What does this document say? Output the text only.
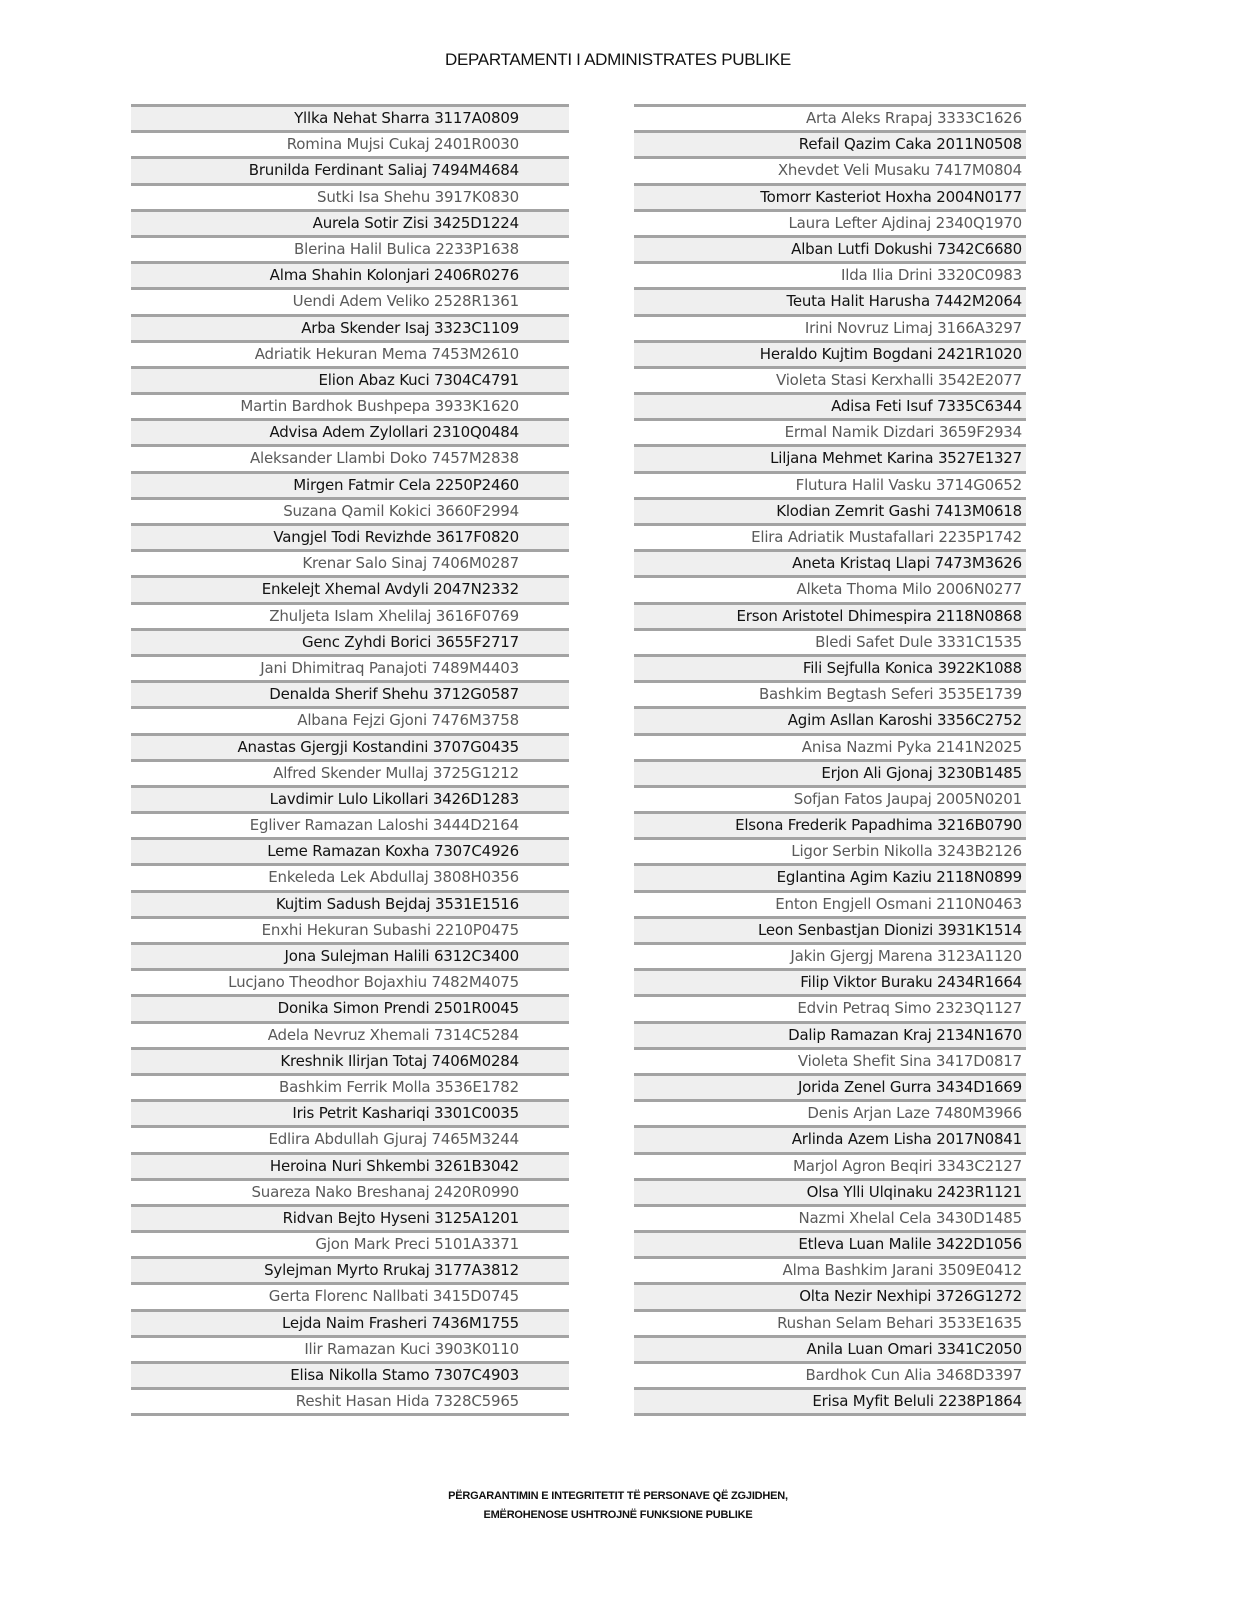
DEPARTAMENTI I ADMINISTRATES PUBLIKE
Yllka Nehat Sharra 3117A0809
Romina Mujsi Cukaj 2401R0030
Brunilda Ferdinant Saliaj 7494M4684
Sutki Isa Shehu 3917K0830
Aurela Sotir Zisi 3425D1224
Blerina Halil Bulica 2233P1638
Alma Shahin Kolonjari 2406R0276
Uendi Adem Veliko 2528R1361
Arba Skender Isaj 3323C1109
Adriatik Hekuran Mema 7453M2610
Elion Abaz Kuci 7304C4791
Martin Bardhok Bushpepa 3933K1620
Advisa Adem Zylollari 2310Q0484
Aleksander Llambi Doko 7457M2838
Mirgen Fatmir Cela 2250P2460
Suzana Qamil Kokici 3660F2994
Vangjel Todi Revizhde 3617F0820
Krenar Salo Sinaj 7406M0287
Enkelejt Xhemal Avdyli 2047N2332
Zhuljeta Islam Xhelilaj 3616F0769
Genc Zyhdi Borici 3655F2717
Jani Dhimitraq Panajoti 7489M4403
Denalda Sherif Shehu 3712G0587
Albana Fejzi Gjoni 7476M3758
Anastas Gjergji Kostandini 3707G0435
Alfred Skender Mullaj 3725G1212
Lavdimir Lulo Likollari 3426D1283
Egliver Ramazan Laloshi 3444D2164
Leme Ramazan Koxha 7307C4926
Enkeleda Lek Abdullaj 3808H0356
Kujtim Sadush Bejdaj 3531E1516
Enxhi Hekuran Subashi 2210P0475
Jona Sulejman Halili 6312C3400
Lucjano Theodhor Bojaxhiu 7482M4075
Donika Simon Prendi 2501R0045
Adela Nevruz Xhemali 7314C5284
Kreshnik Ilirjan Totaj 7406M0284
Bashkim Ferrik Molla 3536E1782
Iris Petrit Kashariqi 3301C0035
Edlira Abdullah Gjuraj 7465M3244
Heroina Nuri Shkembi 3261B3042
Suareza Nako Breshanaj 2420R0990
Ridvan Bejto Hyseni 3125A1201
Gjon Mark Preci 5101A3371
Sylejman Myrto Rrukaj 3177A3812
Gerta Florenc Nallbati 3415D0745
Lejda Naim Frasheri 7436M1755
Ilir Ramazan Kuci 3903K0110
Elisa Nikolla Stamo 7307C4903
Reshit Hasan Hida 7328C5965
Arta Aleks Rrapaj 3333C1626
Refail Qazim Caka 2011N0508
Xhevdet Veli Musaku 7417M0804
Tomorr Kasteriot Hoxha 2004N0177
Laura Lefter Ajdinaj 2340Q1970
Alban Lutfi Dokushi 7342C6680
Ilda Ilia Drini 3320C0983
Teuta Halit Harusha 7442M2064
Irini Novruz Limaj 3166A3297
Heraldo Kujtim Bogdani 2421R1020
Violeta Stasi Kerxhalli 3542E2077
Adisa Feti Isuf 7335C6344
Ermal Namik Dizdari 3659F2934
Liljana Mehmet Karina 3527E1327
Flutura Halil Vasku 3714G0652
Klodian Zemrit Gashi 7413M0618
Elira Adriatik Mustafallari 2235P1742
Aneta Kristaq Llapi 7473M3626
Alketa Thoma Milo 2006N0277
Erson Aristotel Dhimespira 2118N0868
Bledi Safet Dule 3331C1535
Fili Sejfulla Konica 3922K1088
Bashkim Begtash Seferi 3535E1739
Agim Asllan Karoshi 3356C2752
Anisa Nazmi Pyka 2141N2025
Erjon Ali Gjonaj 3230B1485
Sofjan Fatos Jaupaj 2005N0201
Elsona Frederik Papadhima 3216B0790
Ligor Serbin Nikolla 3243B2126
Eglantina Agim Kaziu 2118N0899
Enton Engjell Osmani 2110N0463
Leon Senbastjan Dionizi 3931K1514
Jakin Gjergj Marena 3123A1120
Filip Viktor Buraku 2434R1664
Edvin Petraq Simo 2323Q1127
Dalip Ramazan Kraj 2134N1670
Violeta Shefit Sina 3417D0817
Jorida Zenel Gurra 3434D1669
Denis Arjan Laze 7480M3966
Arlinda Azem Lisha 2017N0841
Marjol Agron Beqiri 3343C2127
Olsa Ylli Ulqinaku 2423R1121
Nazmi Xhelal Cela 3430D1485
Etleva Luan Malile 3422D1056
Alma Bashkim Jarani 3509E0412
Olta Nezir Nexhipi 3726G1272
Rushan Selam Behari 3533E1635
Anila Luan Omari 3341C2050
Bardhok Cun Alia 3468D3397
Erisa Myfit Beluli 2238P1864
PËRGARANTIMIN E INTEGRITETIT TË PERSONAVE QË ZGJIDHEN,
EMËROHENOSE USHTROJNË FUNKSIONE PUBLIKE
